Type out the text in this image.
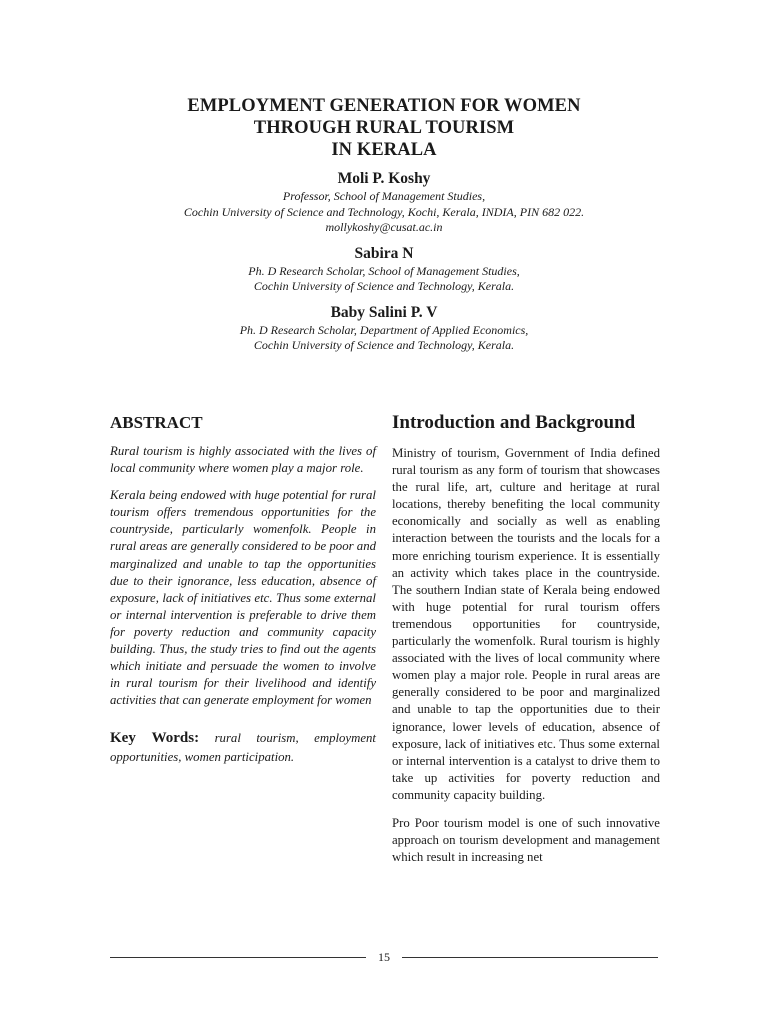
EMPLOYMENT GENERATION FOR WOMEN
THROUGH RURAL TOURISM
IN KERALA
Moli P. Koshy
Professor, School of Management Studies,
Cochin University of Science and Technology, Kochi, Kerala, INDIA, PIN 682 022.
mollykoshy@cusat.ac.in
Sabira N
Ph. D Research Scholar, School of Management Studies,
Cochin University of Science and Technology, Kerala.
Baby Salini P. V
Ph. D Research Scholar, Department of Applied Economics,
Cochin University of Science and Technology, Kerala.
ABSTRACT

Rural tourism is highly associated with the lives of local community where women play a major role.

Kerala being endowed with huge potential for rural tourism offers tremendous opportunities for the countryside, particularly womenfolk. People in rural areas are generally considered to be poor and marginalized and unable to tap the opportunities due to their ignorance, less education, absence of exposure, lack of initiatives etc. Thus some external or internal intervention is preferable to drive them for poverty reduction and community capacity building. Thus, the study tries to find out the agents which initiate and persuade the women to involve in rural tourism for their livelihood and identify activities that can generate employment for women

Key Words: rural tourism, employment opportunities, women participation.
Introduction and Background

Ministry of tourism, Government of India defined rural tourism as any form of tourism that showcases the rural life, art, culture and heritage at rural locations, thereby benefiting the local community economically and socially as well as enabling interaction between the tourists and the locals for a more enriching tourism experience. It is essentially an activity which takes place in the countryside. The southern Indian state of Kerala being endowed with huge potential for rural tourism offers tremendous opportunities for countryside, particularly the womenfolk. Rural tourism is highly associated with the lives of local community where women play a major role. People in rural areas are generally considered to be poor and marginalized and unable to tap the opportunities due to their ignorance, lower levels of education, absence of exposure, lack of initiatives etc. Thus some external or internal intervention is a catalyst to drive them to take up activities for poverty reduction and community capacity building.

Pro Poor tourism model is one of such innovative approach on tourism development and management which result in increasing net

15
